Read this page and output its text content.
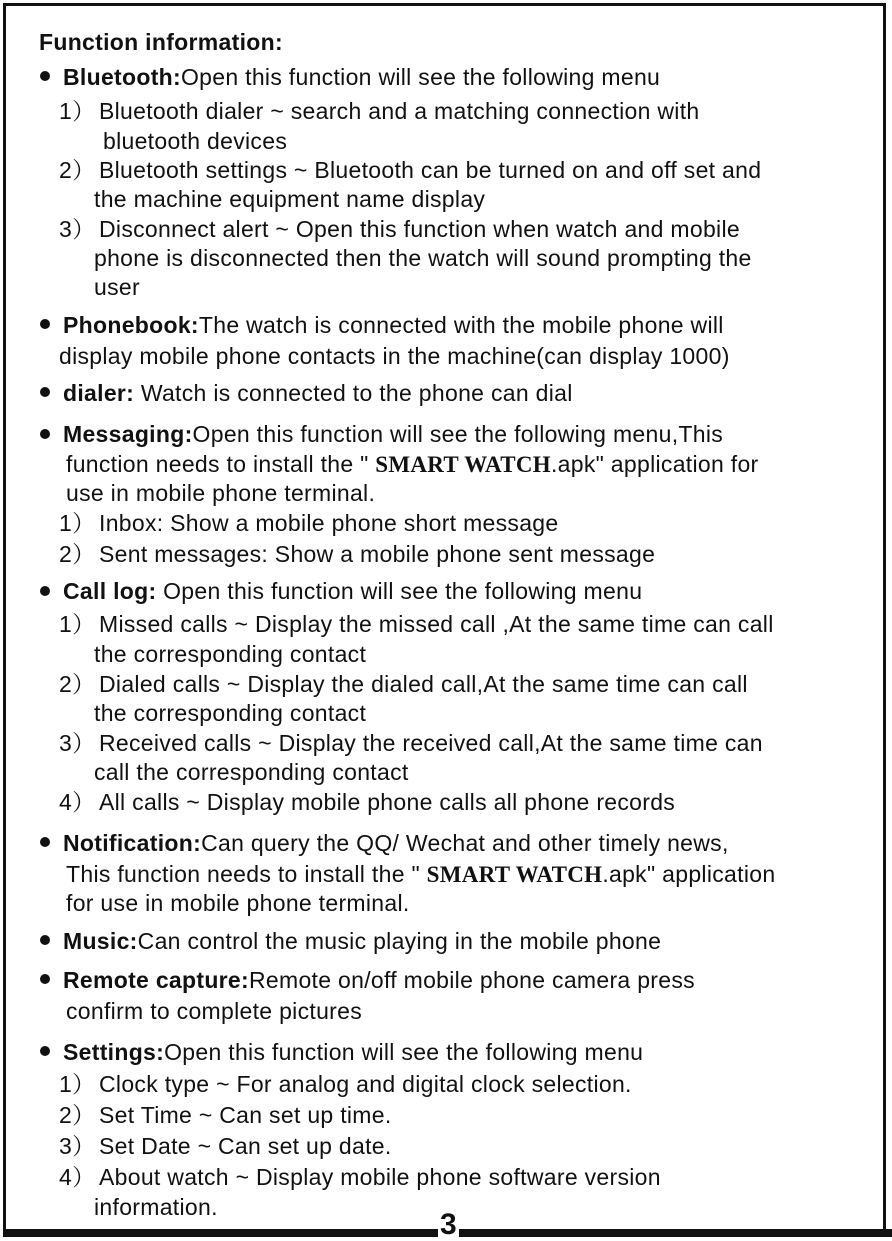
Function information:
Bluetooth:Open this function will see the following menu
1） Bluetooth dialer ~ search and a matching connection with
bluetooth devices
2） Bluetooth settings ~ Bluetooth can be turned on and off set and
the machine equipment name display
3） Disconnect alert ~ Open this function when watch and mobile
phone is disconnected then the watch will sound prompting the
user
Phonebook:The watch is connected with the mobile phone will
display mobile phone contacts in the machine(can display 1000)
dialer: Watch is connected to the phone can dial
Messaging:Open this function will see the following menu,This
function needs to install the " SMART WATCH.apk" application for
use in mobile phone terminal.
1） Inbox: Show a mobile phone short message
2） Sent messages: Show a mobile phone sent message
Call log: Open this function will see the following menu
1） Missed calls ~ Display the missed call ,At the same time can call
the corresponding contact
2） Dialed calls ~ Display the dialed call,At the same time can call
the corresponding contact
3） Received calls ~ Display the received call,At the same time can
call the corresponding contact
4） All calls ~ Display mobile phone calls all phone records
Notification:Can query the QQ/ Wechat and other timely news,
This function needs to install the " SMART WATCH.apk" application
for use in mobile phone terminal.
Music:Can control the music playing in the mobile phone
Remote capture:Remote on/off mobile phone camera press
confirm to complete pictures
Settings:Open this function will see the following menu
1） Clock type ~ For analog and digital clock selection.
2） Set Time ~ Can set up time.
3） Set Date ~ Can set up date.
4） About watch ~ Display mobile phone software version
information.
3
